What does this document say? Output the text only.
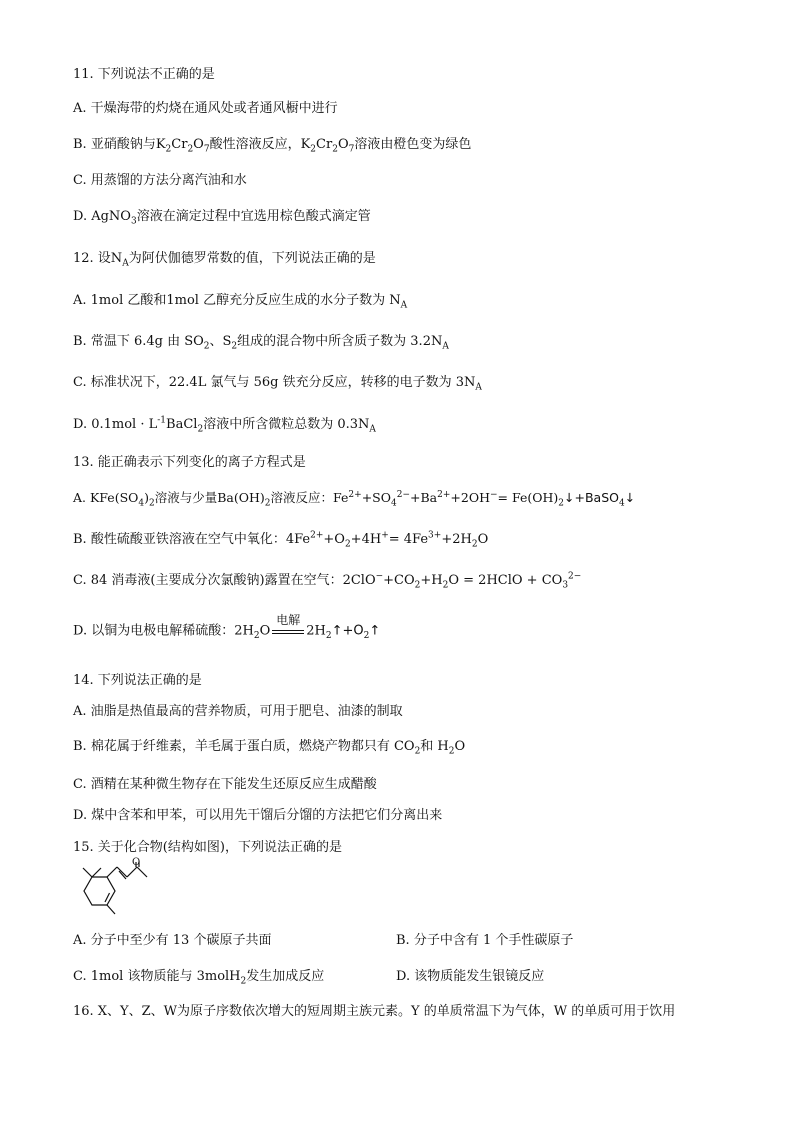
11. 下列说法不正确的是
A. 干燥海带的灼烧在通风处或者通风橱中进行
B. 亚硝酸钠与$K_2Cr_2O_7$酸性溶液反应，$K_2Cr_2O_7$溶液由橙色变为绿色
C. 用蒸馏的方法分离汽油和水
D. AgNO$_3$溶液在滴定过程中宜选用棕色酸式滴定管
12. 设$N_A$为阿伏伽德罗常数的值，下列说法正确的是
A. 1mol 乙酸和1mol 乙醇充分反应生成的水分子数为 $N_A$
B. 常温下 6.4g 由 $SO_2$、$S_2$组成的混合物中所含质子数为 $3.2N_A$
C. 标准状况下，22.4L 氯气与 56g 铁充分反应，转移的电子数为 $3N_A$
D. $0.1mol \cdot L^{-1}BaCl_2$溶液中所含微粒总数为 $0.3N_A$
13. 能正确表示下列变化的离子方程式是
A. $KFe(SO_4)_2$溶液与少量$Ba(OH)_2$溶液反应：$Fe^{2+}+SO_4^{2-}+Ba^{2+}+2OH^-=$ $Fe(OH)_2↓+BaSO_4↓$
B. 酸性硫酸亚铁溶液在空气中氧化：$4Fe^{2+}+O_2+4H^+= 4Fe^{3+}+2H_2O$
C. 84 消毒液(主要成分次氯酸钠)露置在空气：$2ClO^-+CO_2+H_2O$ = 2HClO + $CO_3^{2-}$
D. 以铜为电极电解稀硫酸：$2H_2O$
电解
$2H_2↑+O_2↑$
14. 下列说法正确的是
A. 油脂是热值最高的营养物质，可用于肥皂、油漆的制取
B. 棉花属于纤维素，羊毛属于蛋白质，燃烧产物都只有 $CO_2$和 $H_2O$
C. 酒精在某种微生物存在下能发生还原反应生成醋酸
D. 煤中含苯和甲苯，可以用先干馏后分馏的方法把它们分离出来
15. 关于化合物(结构如图)，下列说法正确的是
O
A. 分子中至少有 13 个碳原子共面	B. 分子中含有 1 个手性碳原子
C. 1mol 该物质能与 3molH$_2$发生加成反应	D. 该物质能发生银镜反应
16. X、Y、Z、W为原子序数依次增大的短周期主族元素。Y 的单质常温下为气体，W 的单质可用于饮用
